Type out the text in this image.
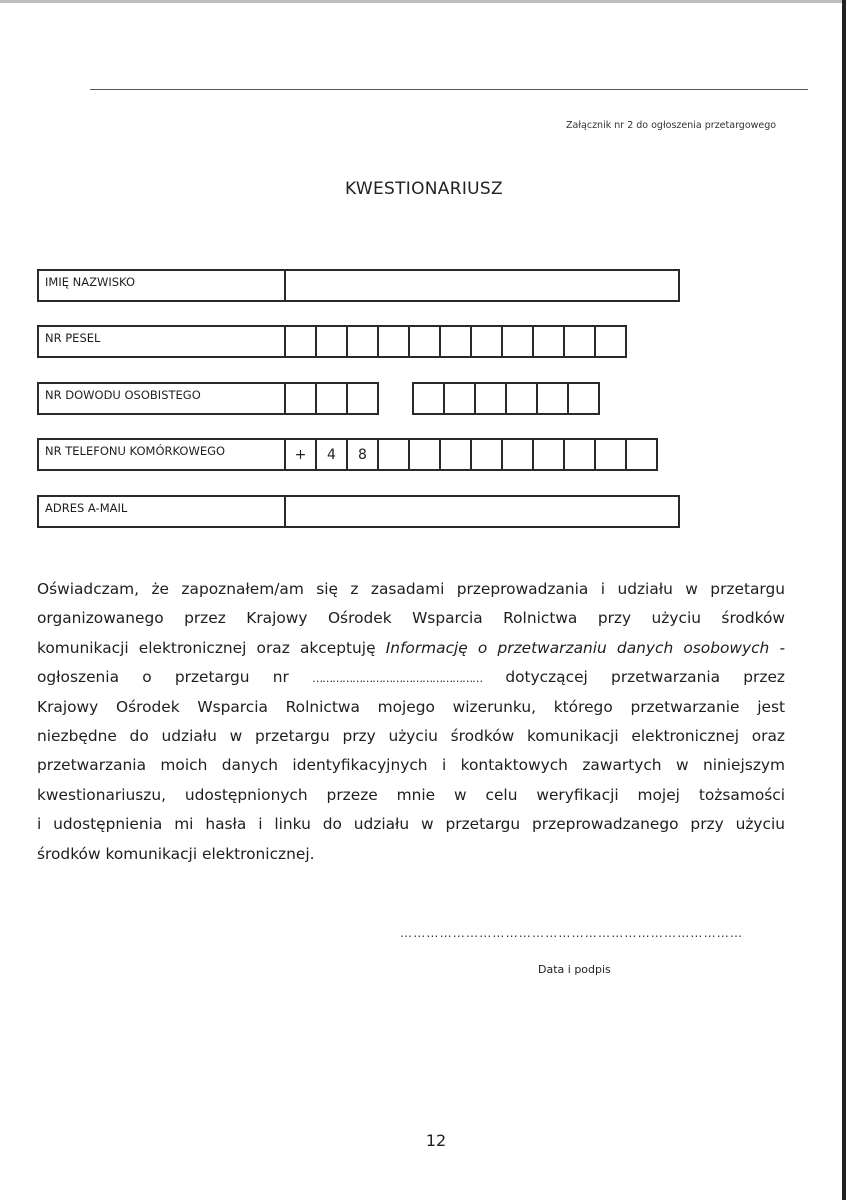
Załącznik nr 2 do ogłoszenia przetargowego
KWESTIONARIUSZ
IMIĘ NAZWISKO
NR PESEL
NR DOWODU OSOBISTEGO
NR TELEFONU KOMÓRKOWEGO	+	4	8
ADRES A-MAIL
Oświadczam, że zapoznałem/am się z zasadami przeprowadzania i udziału w przetargu
organizowanego przez Krajowy Ośrodek Wsparcia Rolnictwa przy użyciu środków
komunikacji elektronicznej oraz akceptuję Informację o przetwarzaniu danych osobowych -
ogłoszenia o przetargu nr …………………………………………… dotyczącej przetwarzania przez
Krajowy Ośrodek Wsparcia Rolnictwa mojego wizerunku, którego przetwarzanie jest
niezbędne do udziału w przetargu przy użyciu środków komunikacji elektronicznej oraz
przetwarzania moich danych identyfikacyjnych i kontaktowych zawartych w niniejszym
kwestionariuszu, udostępnionych przeze mnie w celu weryfikacji mojej tożsamości
i udostępnienia mi hasła i linku do udziału w przetargu przeprowadzanego przy użyciu
środków komunikacji elektronicznej.
……………………………………………………………………
Data i podpis
12
